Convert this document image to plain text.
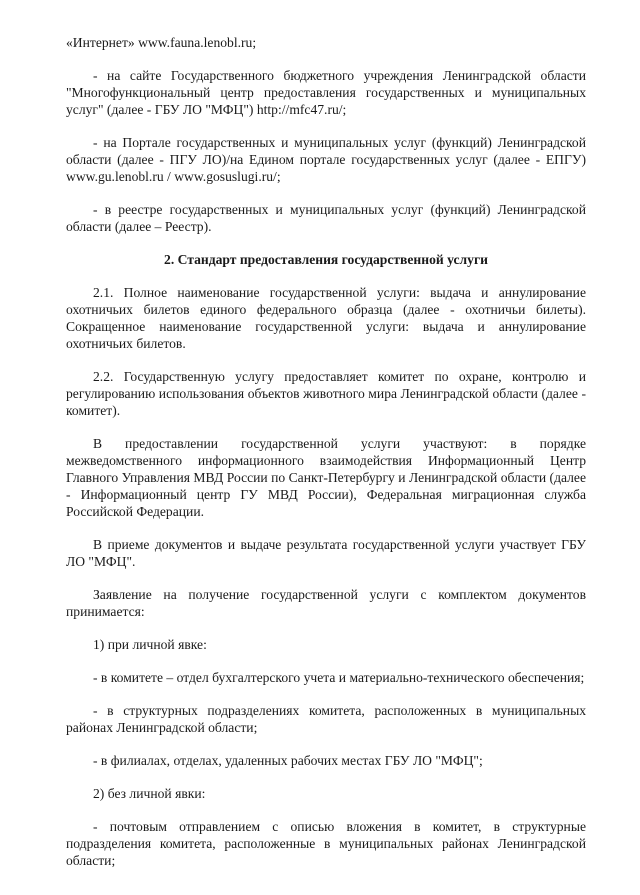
«Интернет» www.fauna.lenobl.ru;

- на сайте Государственного бюджетного учреждения Ленинградской области "Многофункциональный центр предоставления государственных и муниципальных услуг" (далее - ГБУ ЛО "МФЦ") http://mfc47.ru/;

- на Портале государственных и муниципальных услуг (функций) Ленинградской области (далее - ПГУ ЛО)/на Едином портале государственных услуг (далее - ЕПГУ) www.gu.lenobl.ru / www.gosuslugi.ru/;

- в реестре государственных и муниципальных услуг (функций) Ленинградской области (далее – Реестр).

2. Стандарт предоставления государственной услуги

2.1. Полное наименование государственной услуги: выдача и аннулирование охотничьих билетов единого федерального образца (далее - охотничьи билеты). Сокращенное наименование государственной услуги: выдача и аннулирование охотничьих билетов.

2.2. Государственную услугу предоставляет комитет по охране, контролю и регулированию использования объектов животного мира Ленинградской области (далее - комитет).

В предоставлении государственной услуги участвуют: в порядке межведомственного информационного взаимодействия Информационный Центр Главного Управления МВД России по Санкт-Петербургу и Ленинградской области (далее - Информационный центр ГУ МВД России), Федеральная миграционная служба Российской Федерации.

В приеме документов и выдаче результата государственной услуги участвует ГБУ ЛО "МФЦ".

Заявление на получение государственной услуги с комплектом документов принимается:

1) при личной явке:

- в комитете – отдел бухгалтерского учета и материально-технического обеспечения;

- в структурных подразделениях комитета, расположенных в муниципальных районах Ленинградской области;

- в филиалах, отделах, удаленных рабочих местах ГБУ ЛО "МФЦ";

2) без личной явки:

- почтовым отправлением с описью вложения в комитет, в структурные подразделения комитета, расположенные в муниципальных районах Ленинградской области;
